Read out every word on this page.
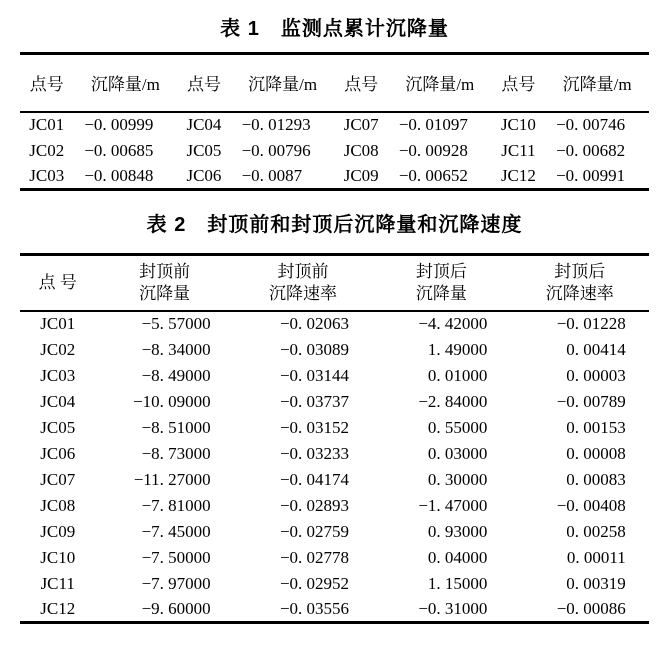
表 1　监测点累计沉降量
点号	沉降量/m	点号	沉降量/m	点号	沉降量/m	点号	沉降量/m
JC01	−0. 00999	JC04	−0. 01293	JC07	−0. 01097	JC10	−0. 00746
JC02	−0. 00685	JC05	−0. 00796	JC08	−0. 00928	JC11	−0. 00682
JC03	−0. 00848	JC06	−0. 0087	JC09	−0. 00652	JC12	−0. 00991
表 2　封顶前和封顶后沉降量和沉降速度
点 号

封顶前
沉降量

封顶前
沉降速率

封顶后
沉降量

封顶后
沉降速率

JC01	−5. 57000	−0. 02063	−4. 42000	−0. 01228
JC02	−8. 34000	−0. 03089	1. 49000	0. 00414
JC03	−8. 49000	−0. 03144	0. 01000	0. 00003
JC04	−10. 09000	−0. 03737	−2. 84000	−0. 00789
JC05	−8. 51000	−0. 03152	0. 55000	0. 00153
JC06	−8. 73000	−0. 03233	0. 03000	0. 00008
JC07	−11. 27000	−0. 04174	0. 30000	0. 00083
JC08	−7. 81000	−0. 02893	−1. 47000	−0. 00408
JC09	−7. 45000	−0. 02759	0. 93000	0. 00258
JC10	−7. 50000	−0. 02778	0. 04000	0. 00011
JC11	−7. 97000	−0. 02952	1. 15000	0. 00319
JC12	−9. 60000	−0. 03556	−0. 31000	−0. 00086
